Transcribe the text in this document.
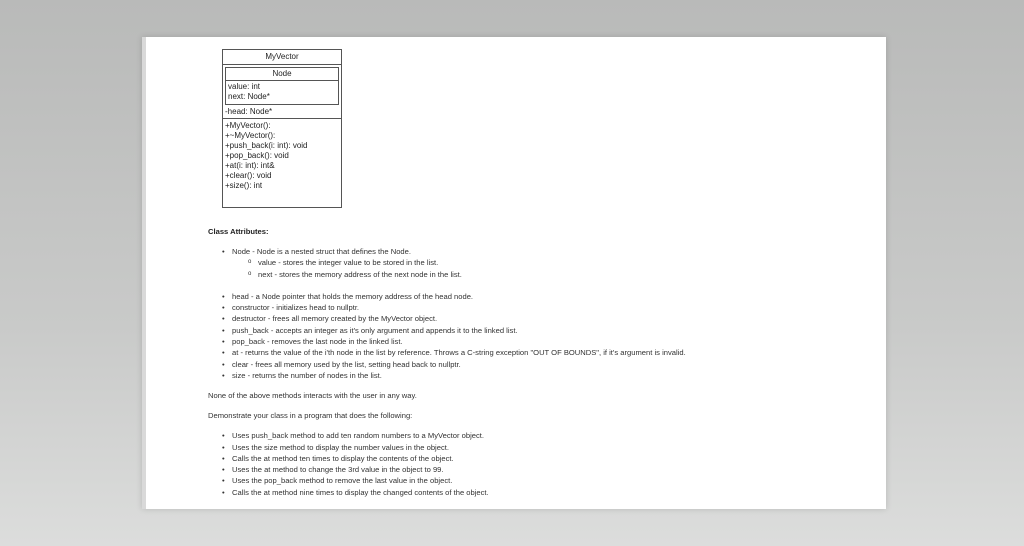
MyVector
Node
value: int
next: Node*
-head: Node*
+MyVector():
+~MyVector():
+push_back(i: int): void
+pop_back(): void
+at(i: int): int&
+clear(): void
+size(): int
Class Attributes:
• Node - Node is a nested struct that defines the Node.
o value - stores the integer value to be stored in the list.
o next - stores the memory address of the next node in the list.
• head - a Node pointer that holds the memory address of the head node.
• constructor - initializes head to nullptr.
• destructor - frees all memory created by the MyVector object.
• push_back - accepts an integer as it's only argument and appends it to the linked list.
• pop_back - removes the last node in the linked list.
• at - returns the value of the i'th node in the list by reference. Throws a C-string exception "OUT OF BOUNDS", if it's argument is invalid.
• clear - frees all memory used by the list, setting head back to nullptr.
• size - returns the number of nodes in the list.
None of the above methods interacts with the user in any way.
Demonstrate your class in a program that does the following:
• Uses push_back method to add ten random numbers to a MyVector object.
• Uses the size method to display the number values in the object.
• Calls the at method ten times to display the contents of the object.
• Uses the at method to change the 3rd value in the object to 99.
• Uses the pop_back method to remove the last value in the object.
• Calls the at method nine times to display the changed contents of the object.
